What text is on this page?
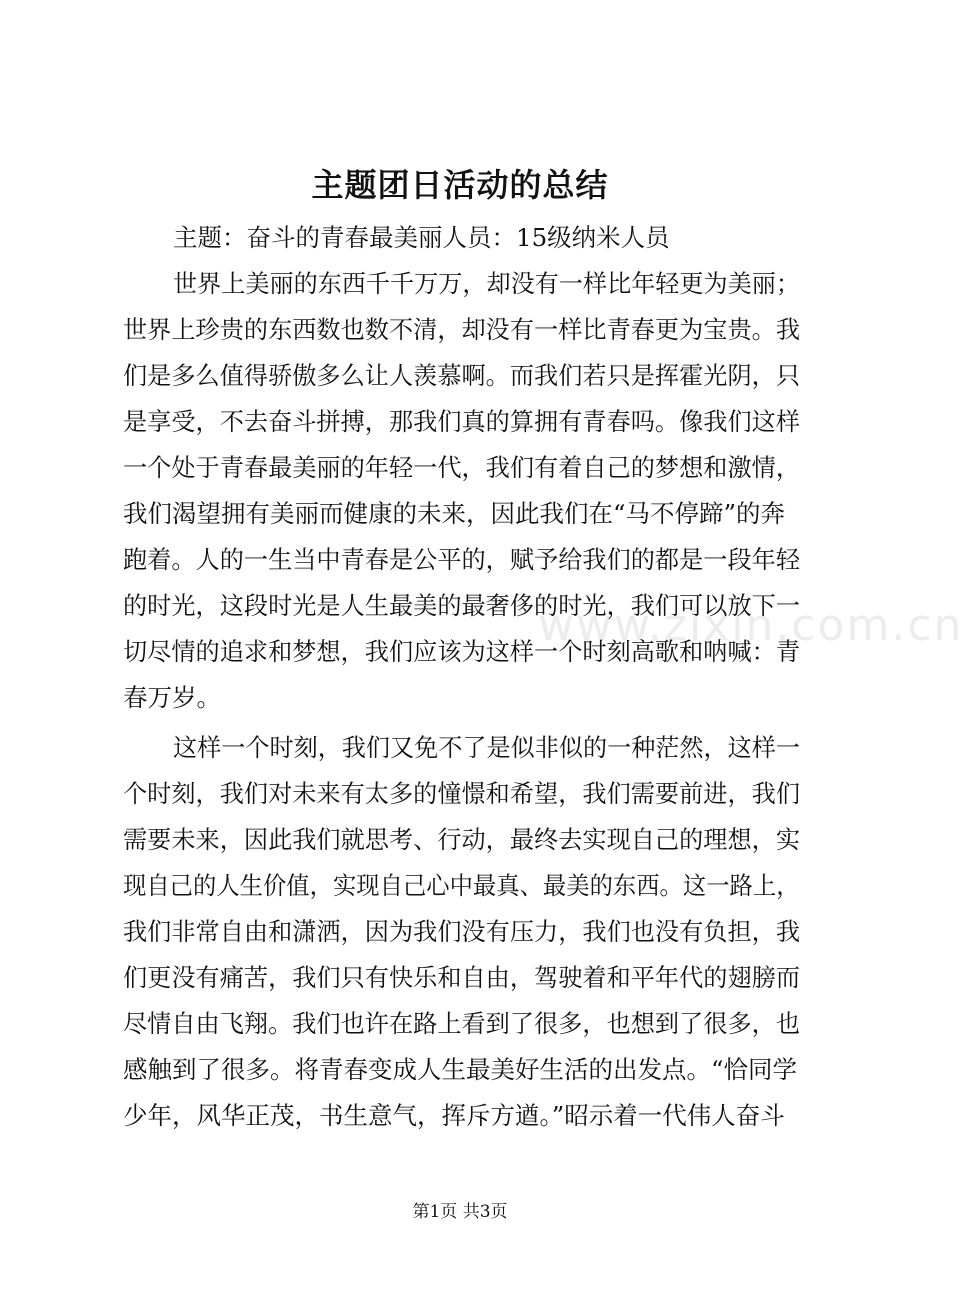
www.zixin.com.cn
主题团日活动的总结
主题：奋斗的青春最美丽人员：15级纳米人员
世界上美丽的东西千千万万，却没有一样比年轻更为美丽；
世界上珍贵的东西数也数不清，却没有一样比青春更为宝贵。我
们是多么值得骄傲多么让人羡慕啊。而我们若只是挥霍光阴，只
是享受，不去奋斗拼搏，那我们真的算拥有青春吗。像我们这样
一个处于青春最美丽的年轻一代，我们有着自己的梦想和激情，
我们渴望拥有美丽而健康的未来，因此我们在“马不停蹄”的奔
跑着。人的一生当中青春是公平的，赋予给我们的都是一段年轻
的时光，这段时光是人生最美的最奢侈的时光，我们可以放下一
切尽情的追求和梦想，我们应该为这样一个时刻高歌和呐喊：青
春万岁。
这样一个时刻，我们又免不了是似非似的一种茫然，这样一
个时刻，我们对未来有太多的憧憬和希望，我们需要前进，我们
需要未来，因此我们就思考、行动，最终去实现自己的理想，实
现自己的人生价值，实现自己心中最真、最美的东西。这一路上，
我们非常自由和潇洒，因为我们没有压力，我们也没有负担，我
们更没有痛苦，我们只有快乐和自由，驾驶着和平年代的翅膀而
尽情自由飞翔。我们也许在路上看到了很多，也想到了很多，也
感触到了很多。将青春变成人生最美好生活的出发点。“恰同学
少年，风华正茂，书生意气，挥斥方遒。”昭示着一代伟人奋斗
第1页 共3页
